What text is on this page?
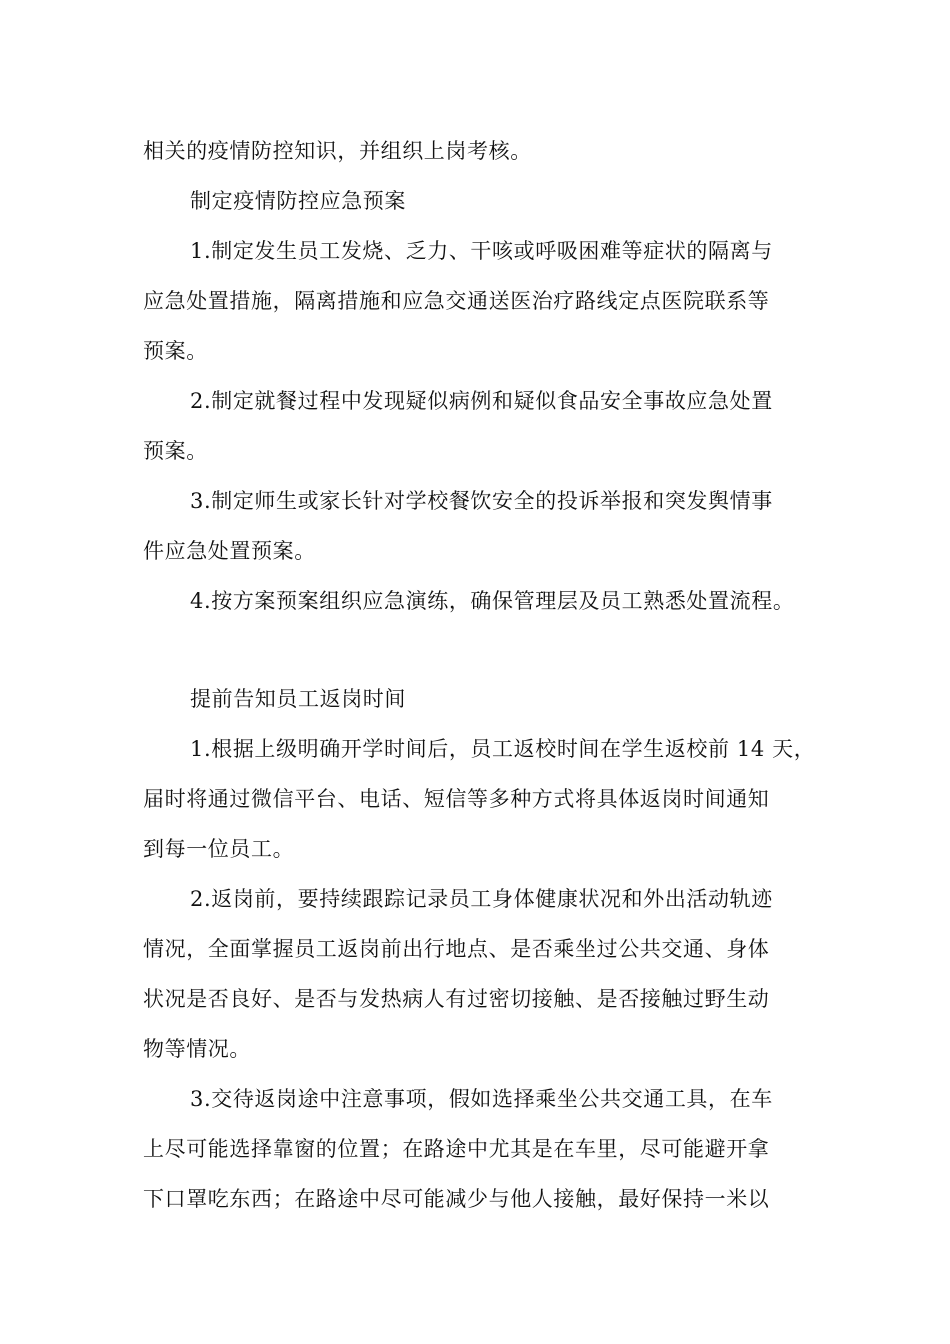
相关的疫情防控知识，并组织上岗考核。
制定疫情防控应急预案
1.制定发生员工发烧、乏力、干咳或呼吸困难等症状的隔离与
应急处置措施，隔离措施和应急交通送医治疗路线定点医院联系等
预案。
2.制定就餐过程中发现疑似病例和疑似食品安全事故应急处置
预案。
3.制定师生或家长针对学校餐饮安全的投诉举报和突发舆情事
件应急处置预案。
4.按方案预案组织应急演练，确保管理层及员工熟悉处置流程。
提前告知员工返岗时间
1.根据上级明确开学时间后，员工返校时间在学生返校前 14 天，
届时将通过微信平台、电话、短信等多种方式将具体返岗时间通知
到每一位员工。
2.返岗前，要持续跟踪记录员工身体健康状况和外出活动轨迹
情况，全面掌握员工返岗前出行地点、是否乘坐过公共交通、身体
状况是否良好、是否与发热病人有过密切接触、是否接触过野生动
物等情况。
3.交待返岗途中注意事项，假如选择乘坐公共交通工具，在车
上尽可能选择靠窗的位置；在路途中尤其是在车里，尽可能避开拿
下口罩吃东西；在路途中尽可能减少与他人接触，最好保持一米以
